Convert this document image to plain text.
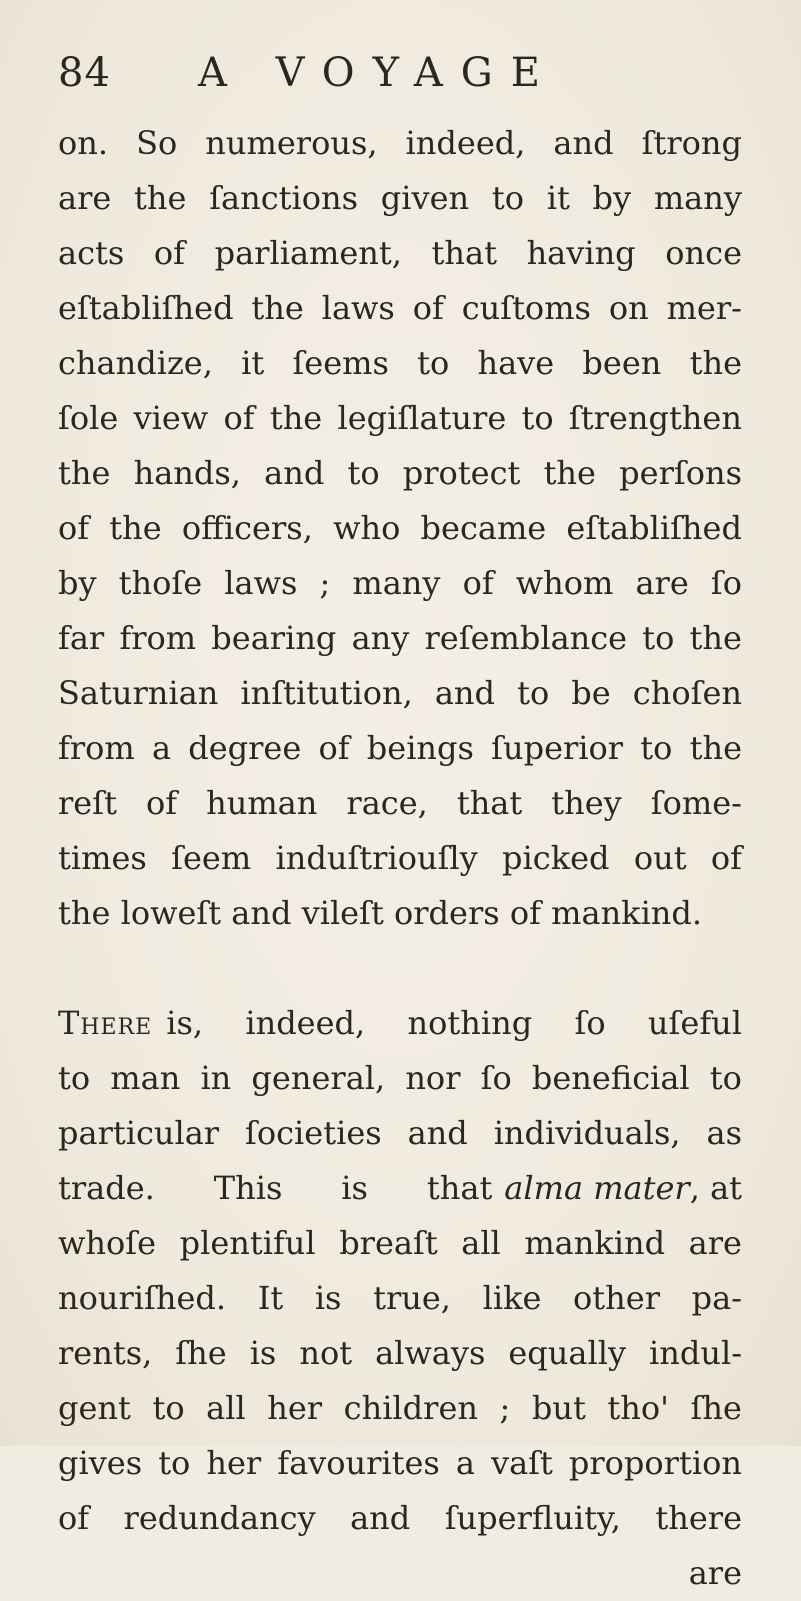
84 A VOYAGE
on. So numerous, indeed, and ſtrong
are the ſanctions given to it by many
acts of parliament, that having once
eſtabliſhed the laws of cuſtoms on mer-
chandize, it ſeems to have been the
ſole view of the legiſlature to ſtrengthen
the hands, and to protect the perſons
of the officers, who became eſtabliſhed
by thoſe laws ; many of whom are ſo
far from bearing any reſemblance to the
Saturnian inſtitution, and to be choſen
from a degree of beings ſuperior to the
reſt of human race, that they ſome-
times ſeem induſtriouſly picked out of
the loweſt and vileſt orders of mankind.
There is, indeed, nothing ſo uſeful
to man in general, nor ſo beneficial to
particular ſocieties and individuals, as
trade. This is that alma mater , at
whoſe plentiful breaſt all mankind are
nouriſhed. It is true, like other pa-
rents, ſhe is not always equally indul-
gent to all her children ; but tho' ſhe
gives to her favourites a vaſt proportion
of redundancy and ſuperfluity, there
are
